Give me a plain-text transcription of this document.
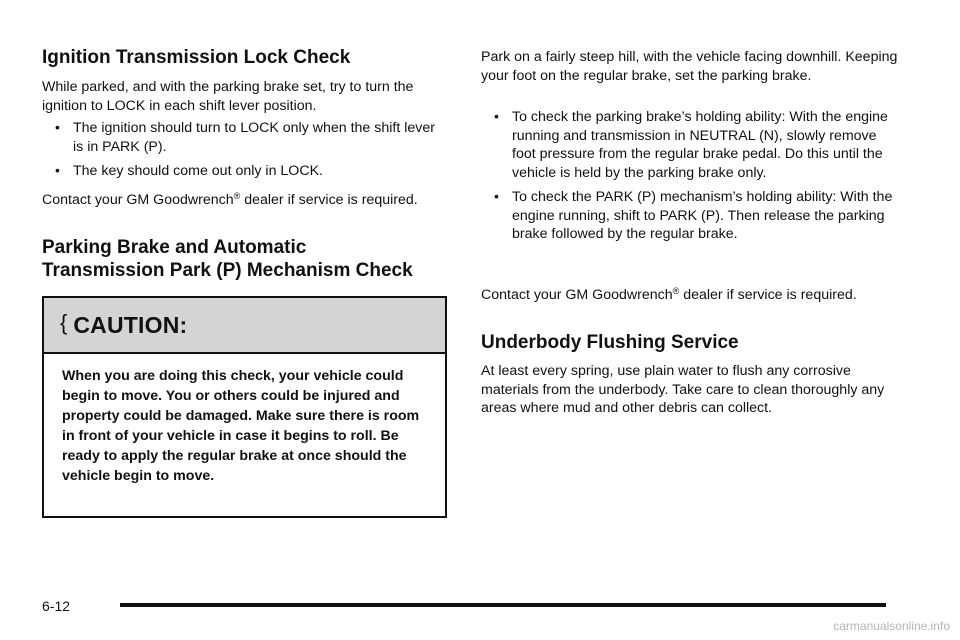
Ignition Transmission Lock Check

While parked, and with the parking brake set, try to turn the ignition to LOCK in each shift lever position.

• The ignition should turn to LOCK only when the shift lever is in PARK (P).
• The key should come out only in LOCK.

Contact your GM Goodwrench® dealer if service is required.

Parking Brake and Automatic
Transmission Park (P) Mechanism Check
{ CAUTION:
When you are doing this check, your vehicle could begin to move. You or others could be injured and property could be damaged. Make sure there is room in front of your vehicle in case it begins to roll. Be ready to apply the regular brake at once should the vehicle begin to move.

Park on a fairly steep hill, with the vehicle facing downhill. Keeping your foot on the regular brake, set the parking brake.

• To check the parking brake’s holding ability: With the engine running and transmission in NEUTRAL (N), slowly remove foot pressure from the regular brake pedal. Do this until the vehicle is held by the parking brake only.
• To check the PARK (P) mechanism’s holding ability: With the engine running, shift to PARK (P). Then release the parking brake followed by the regular brake.

Contact your GM Goodwrench® dealer if service is required.

Underbody Flushing Service

At least every spring, use plain water to flush any corrosive materials from the underbody. Take care to clean thoroughly any areas where mud and other debris can collect.

6-12
carmanualsonline.info
